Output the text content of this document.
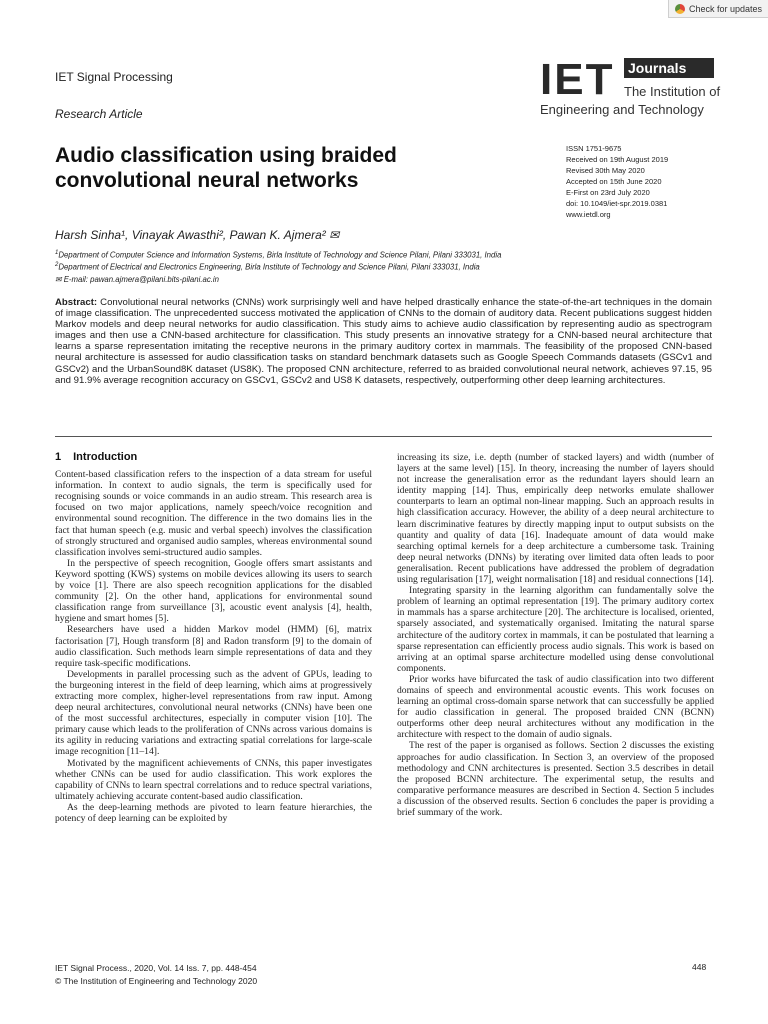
Check for updates
IET Signal Processing
Research Article
IET Journals
The Institution of
Engineering and Technology
Audio classification using braided convolutional neural networks
ISSN 1751-9675
Received on 19th August 2019
Revised 30th May 2020
Accepted on 15th June 2020
E-First on 23rd July 2020
doi: 10.1049/iet-spr.2019.0381
www.ietdl.org
Harsh Sinha¹, Vinayak Awasthi², Pawan K. Ajmera² ✉
$^1$Department of Computer Science and Information Systems, Birla Institute of Technology and Science Pilani, Pilani 333031, India
$^2$Department of Electrical and Electronics Engineering, Birla Institute of Technology and Science Pilani, Pilani 333031, India
✉ E-mail: pawan.ajmera@pilani.bits-pilani.ac.in

Abstract: Convolutional neural networks (CNNs) work surprisingly well and have helped drastically enhance the state-of-the-art techniques in the domain of image classification. The unprecedented success motivated the application of CNNs to the domain of auditory data. Recent publications suggest hidden Markov models and deep neural networks for audio classification. This study aims to achieve audio classification by representing audio as spectrogram images and then use a CNN-based architecture for classification. This study presents an innovative strategy for a CNN-based neural architecture that learns a sparse representation imitating the receptive neurons in the primary auditory cortex in mammals. The feasibility of the proposed CNN-based neural architecture is assessed for audio classification tasks on standard benchmark datasets such as Google Speech Commands datasets (GSCv1 and GSCv2) and the UrbanSound8K dataset (US8K). The proposed CNN architecture, referred to as braided convolutional neural network, achieves 97.15, 95 and 91.9% average recognition accuracy on GSCv1, GSCv2 and US8 K datasets, respectively, outperforming other deep learning architectures.

1 Introduction

Content-based classification refers to the inspection of a data stream for useful information. In context to audio signals, the term is specifically used for recognising sounds or voice commands in an audio stream. This research area is focused on two major applications, namely speech/voice recognition and environmental sound recognition. The difference in the two domains lies in the fact that human speech (e.g. music and verbal speech) involves the classification of strongly structured and organised audio samples, whereas environmental sound classification involves semi-structured audio samples.

In the perspective of speech recognition, Google offers smart assistants and Keyword spotting (KWS) systems on mobile devices allowing its users to search by voice [1]. There are also speech recognition applications for the disabled community [2]. On the other hand, applications for environmental sound classification range from surveillance [3], acoustic event analysis [4], health, hygiene and smart homes [5].

Researchers have used a hidden Markov model (HMM) [6], matrix factorisation [7], Hough transform [8] and Radon transform [9] to the domain of audio classification. Such methods learn simple representations of data and they require task-specific modifications.

Developments in parallel processing such as the advent of GPUs, leading to the burgeoning interest in the field of deep learning, which aims at progressively extracting more complex, higher-level representations from raw input. Among deep neural architectures, convolutional neural networks (CNNs) have been one of the most successful architectures, especially in computer vision [10]. The primary cause which leads to the proliferation of CNNs across various domains is its agility in reducing variations and extracting spatial correlations for large-scale image recognition [11–14].

Motivated by the magnificent achievements of CNNs, this paper investigates whether CNNs can be used for audio classification. This work explores the capability of CNNs to learn spectral correlations and to reduce spectral variations, ultimately achieving accurate content-based audio classification.

As the deep-learning methods are pivoted to learn feature hierarchies, the potency of deep learning can be exploited by

increasing its size, i.e. depth (number of stacked layers) and width (number of layers at the same level) [15]. In theory, increasing the number of layers should not increase the generalisation error as the redundant layers should learn an identity mapping [14]. Thus, empirically deep networks emulate shallower counterparts to learn an optimal non-linear mapping. Such an approach results in high classification accuracy. However, the ability of a deep neural architecture to learn discriminative features by directly mapping input to output subsists on the quantity and quality of data [16]. Inadequate amount of data would make searching optimal kernels for a deep architecture a cumbersome task. Training deep neural networks (DNNs) by iterating over limited data often leads to poor generalisation. Recent publications have addressed the problem of degradation using regularisation [17], weight normalisation [18] and residual connections [14].

Integrating sparsity in the learning algorithm can fundamentally solve the problem of learning an optimal representation [19]. The primary auditory cortex in mammals has a sparse architecture [20]. The architecture is localised, oriented, sparsely associated, and systematically organised. Imitating the natural sparse architecture of the auditory cortex in mammals, it can be postulated that learning a sparse representation can efficiently process audio signals. This work is based on arriving at an optimal sparse architecture modelled using dense convolutional components.

Prior works have bifurcated the task of audio classification into two different domains of speech and environmental acoustic events. This work focuses on learning an optimal cross-domain sparse network that can successfully be applied for audio classification in general. The proposed braided CNN (BCNN) outperforms other deep neural architectures without any modification in the architecture with respect to the domain of audio signals.

The rest of the paper is organised as follows. Section 2 discusses the existing approaches for audio classification. In Section 3, an overview of the proposed methodology and CNN architectures is presented. Section 3.5 describes in detail the proposed BCNN architecture. The experimental setup, the results and comparative performance measures are described in Section 4. Section 5 includes a discussion of the observed results. Section 6 concludes the paper is providing a brief summary of the work.

IET Signal Process., 2020, Vol. 14 Iss. 7, pp. 448-454
© The Institution of Engineering and Technology 2020
448
